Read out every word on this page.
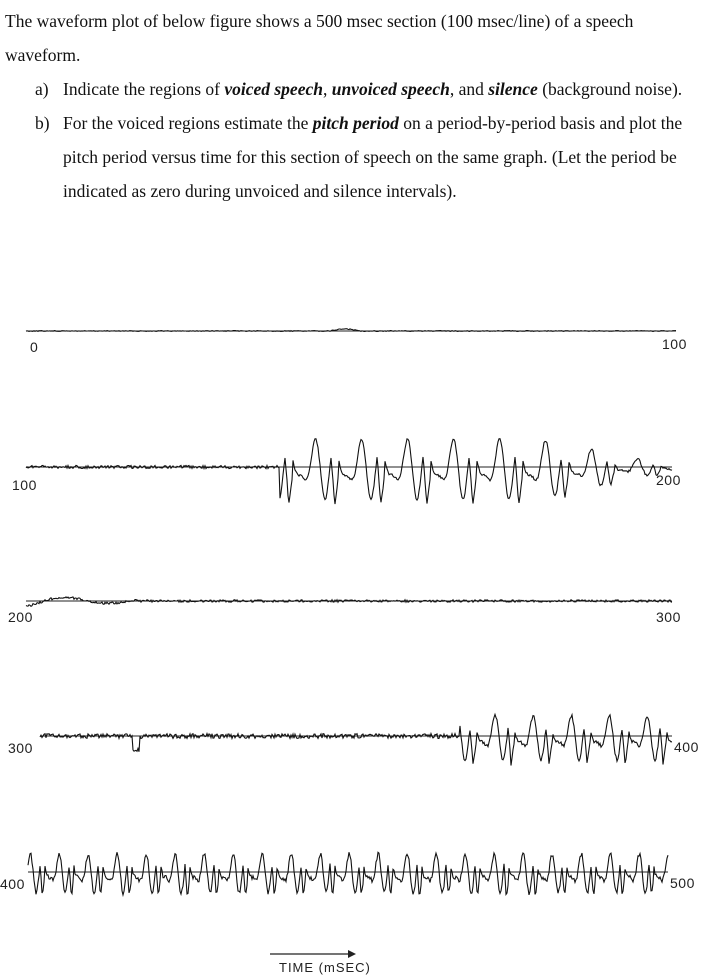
The waveform plot of below figure shows a 500 msec section (100 msec/line) of a speech waveform.

a) Indicate the regions of voiced speech, unvoiced speech, and silence (background noise).
b) For the voiced regions estimate the pitch period on a period-by-period basis and plot the pitch period versus time for this section of speech on the same graph. (Let the period be indicated as zero during unvoiced and silence intervals).
0	100
100	200
200	300
300	400
400	500
TIME (mSEC)
